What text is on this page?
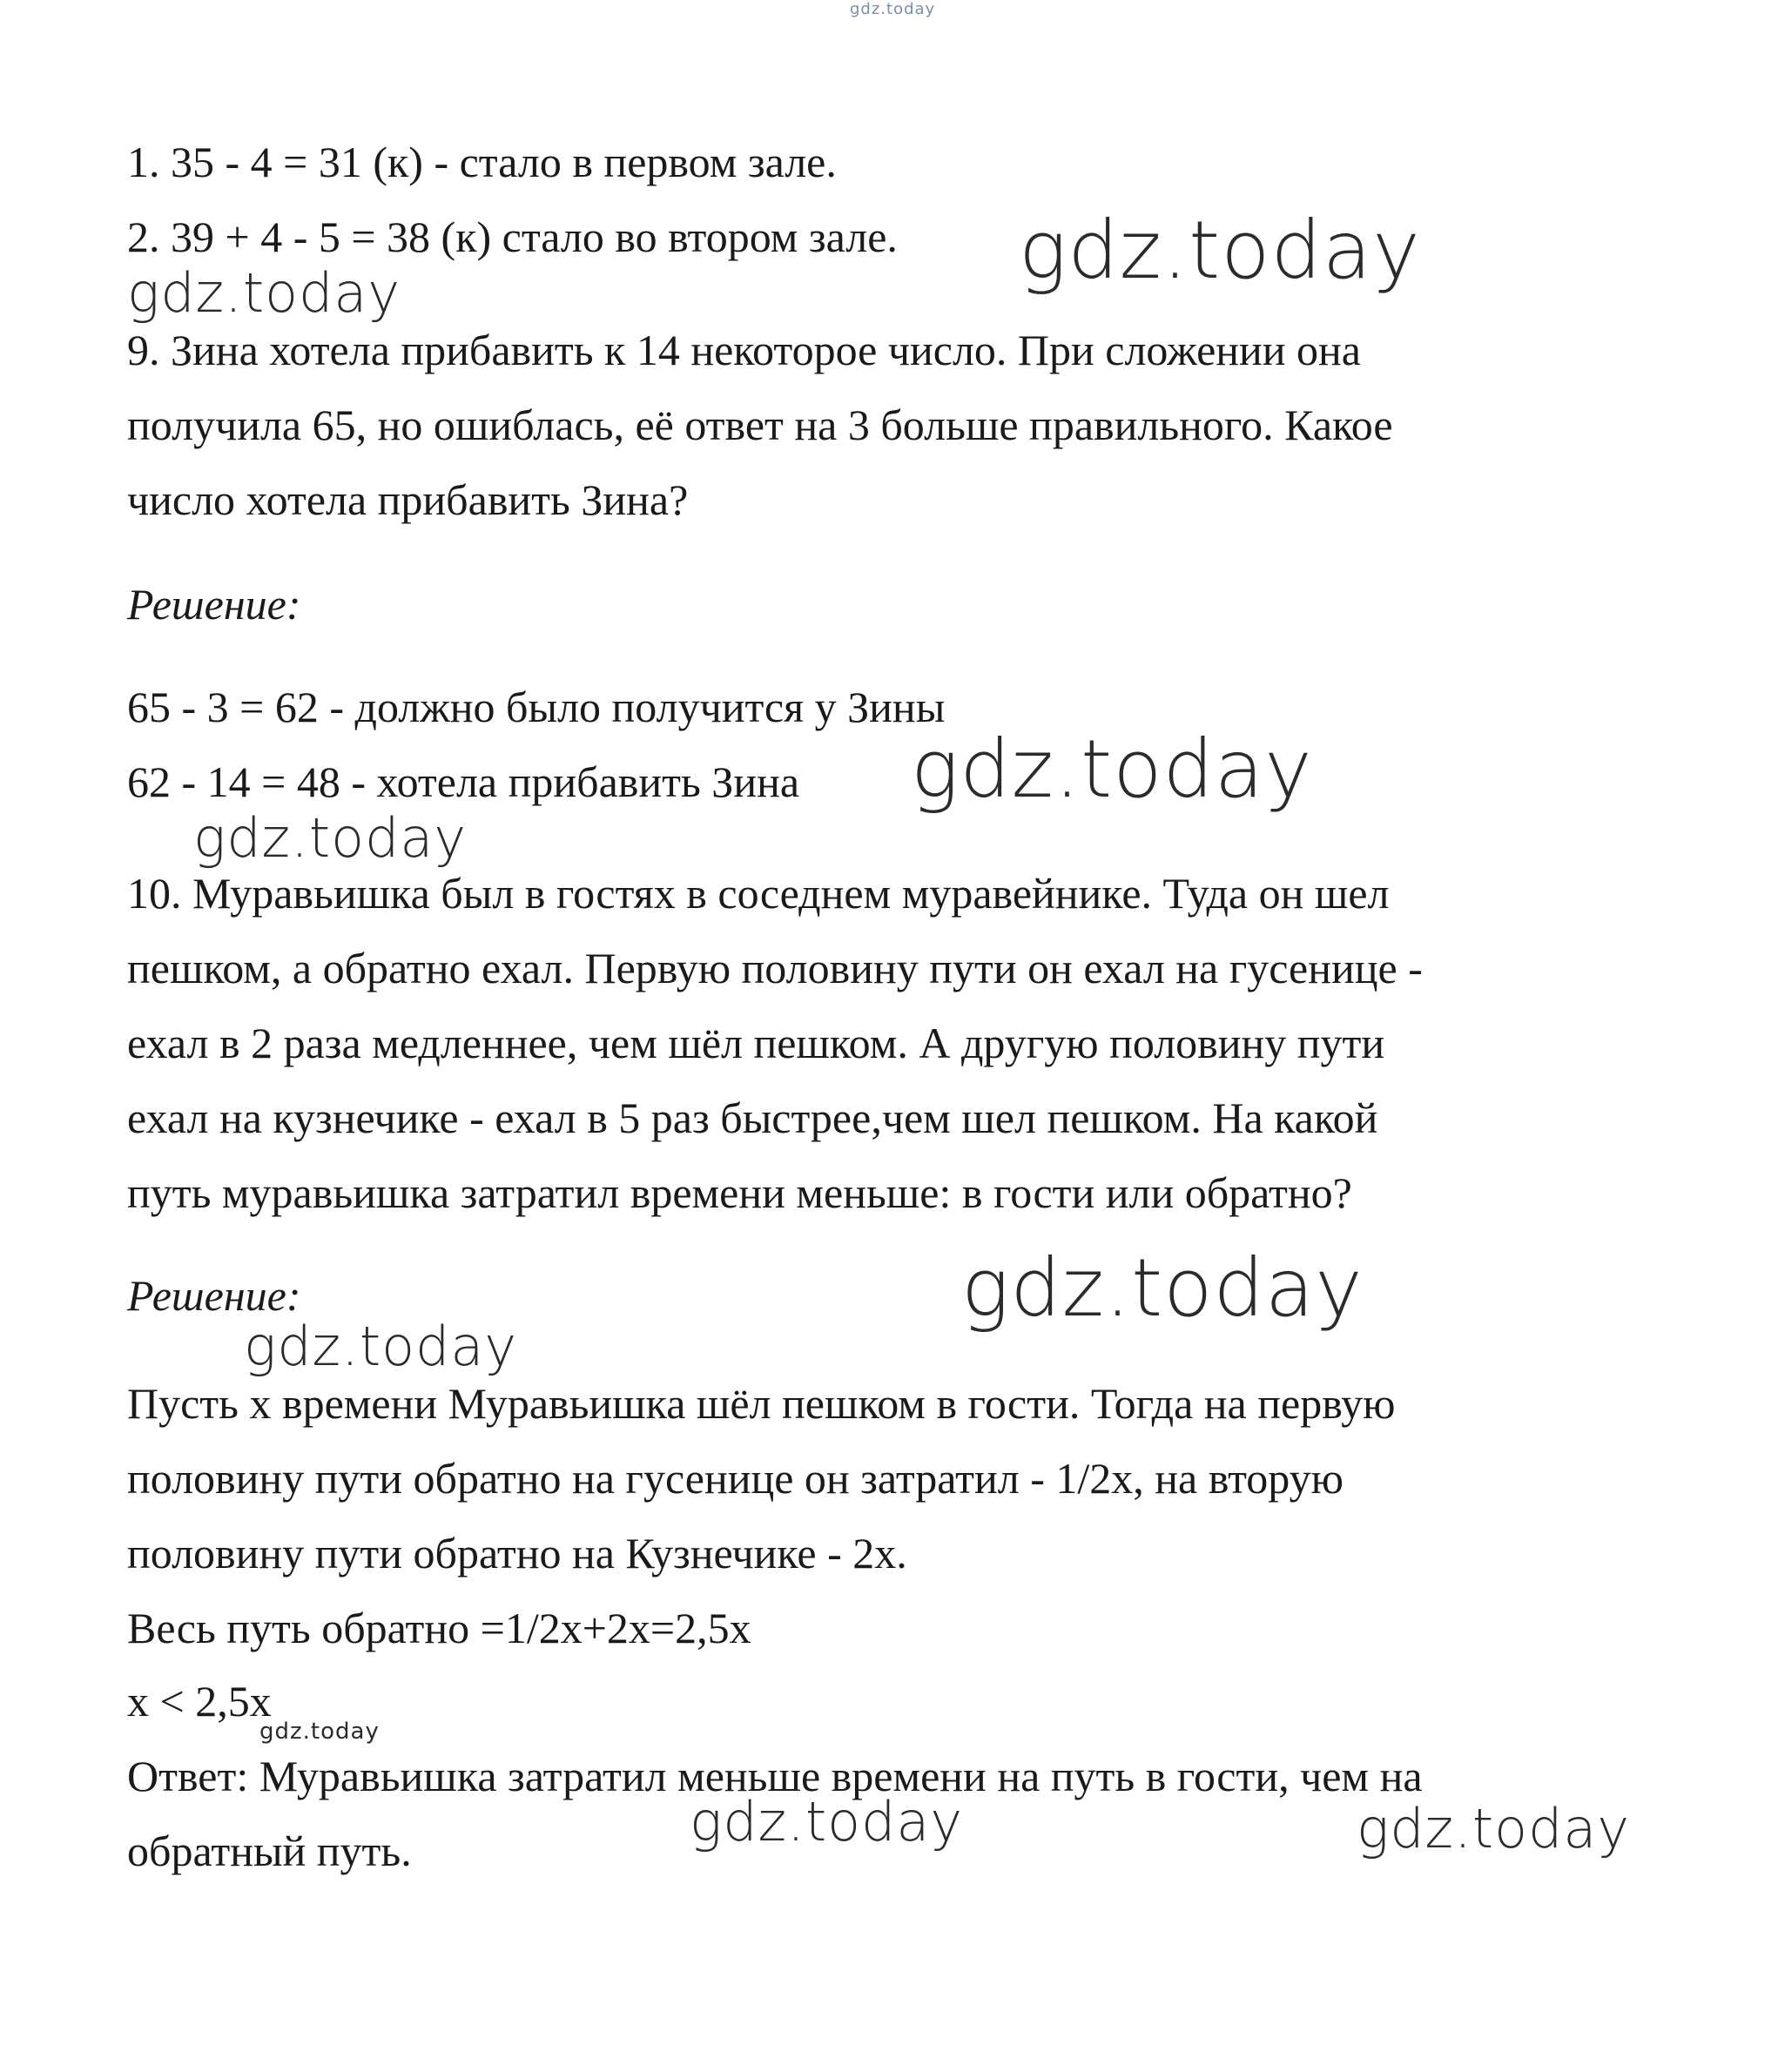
gdz.today
1. 35 - 4 = 31 (к) - стало в первом зале.
2. 39 + 4 - 5 = 38 (к) стало во втором зале. gdz.today
gdz.today
9. Зина хотела прибавить к 14 некоторое число. При сложении она
получила 65, но ошиблась, её ответ на 3 больше правильного. Какое
число хотела прибавить Зина?
Решение:
65 - 3 = 62 - должно было получится у Зины
62 - 14 = 48 - хотела прибавить Зина gdz.today
gdz.today
10. Муравьишка был в гостях в соседнем муравейнике. Туда он шел
пешком, а обратно ехал. Первую половину пути он ехал на гусенице -
ехал в 2 раза медленнее, чем шёл пешком. А другую половину пути
ехал на кузнечике - ехал в 5 раз быстрее,чем шел пешком. На какой
путь муравьишка затратил времени меньше: в гости или обратно?
Решение:	gdz.today
gdz.today
Пусть x времени Муравьишка шёл пешком в гости. Тогда на первую
половину пути обратно на гусенице он затратил - 1/2x, на вторую
половину пути обратно на Кузнечике - 2x.
Весь путь обратно =1/2x+2x=2,5x
x < 2,5x
gdz.today
Ответ: Муравьишка затратил меньше времени на путь в гости, чем на
обратный путь.	gdz.today	gdz.today
